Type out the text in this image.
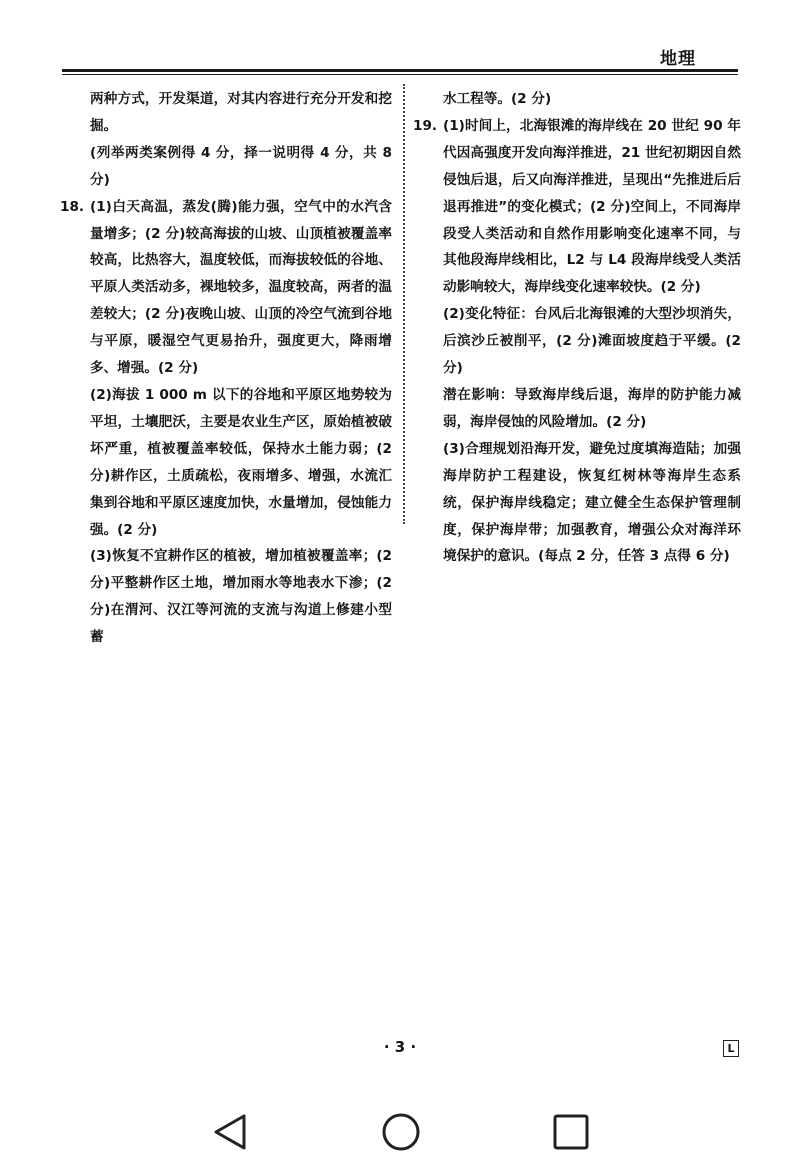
地理

两种方式，开发渠道，对其内容进行充分开发和挖掘。

(列举两类案例得 4 分，择一说明得 4 分，共 8 分)

18. (1)白天高温，蒸发(腾)能力强，空气中的水汽含量增多；(2 分)较高海拔的山坡、山顶植被覆盖率较高，比热容大，温度较低，而海拔较低的谷地、平原人类活动多，裸地较多，温度较高，两者的温差较大；(2 分)夜晚山坡、山顶的冷空气流到谷地与平原，暖湿空气更易抬升，强度更大，降雨增多、增强。(2 分)

(2)海拔 1 000 m 以下的谷地和平原区地势较为平坦，土壤肥沃，主要是农业生产区，原始植被破坏严重，植被覆盖率较低，保持水土能力弱；(2 分)耕作区，土质疏松，夜雨增多、增强，水流汇集到谷地和平原区速度加快，水量增加，侵蚀能力强。(2 分)

(3)恢复不宜耕作区的植被，增加植被覆盖率；(2 分)平整耕作区土地，增加雨水等地表水下渗；(2 分)在渭河、汉江等河流的支流与沟道上修建小型蓄

水工程等。(2 分)

19. (1)时间上，北海银滩的海岸线在 20 世纪 90 年代因高强度开发向海洋推进，21 世纪初期因自然侵蚀后退，后又向海洋推进，呈现出“先推进后后退再推进”的变化模式；(2 分)空间上，不同海岸段受人类活动和自然作用影响变化速率不同，与其他段海岸线相比，L2 与 L4 段海岸线受人类活动影响较大，海岸线变化速率较快。(2 分)

(2)变化特征：台风后北海银滩的大型沙坝消失，后滨沙丘被削平，(2 分)滩面坡度趋于平缓。(2 分)

潜在影响：导致海岸线后退，海岸的防护能力减弱，海岸侵蚀的风险增加。(2 分)

(3)合理规划沿海开发，避免过度填海造陆；加强海岸防护工程建设，恢复红树林等海岸生态系统，保护海岸线稳定；建立健全生态保护管理制度，保护海岸带；加强教育，增强公众对海洋环境保护的意识。(每点 2 分，任答 3 点得 6 分)

· 3 ·	L
